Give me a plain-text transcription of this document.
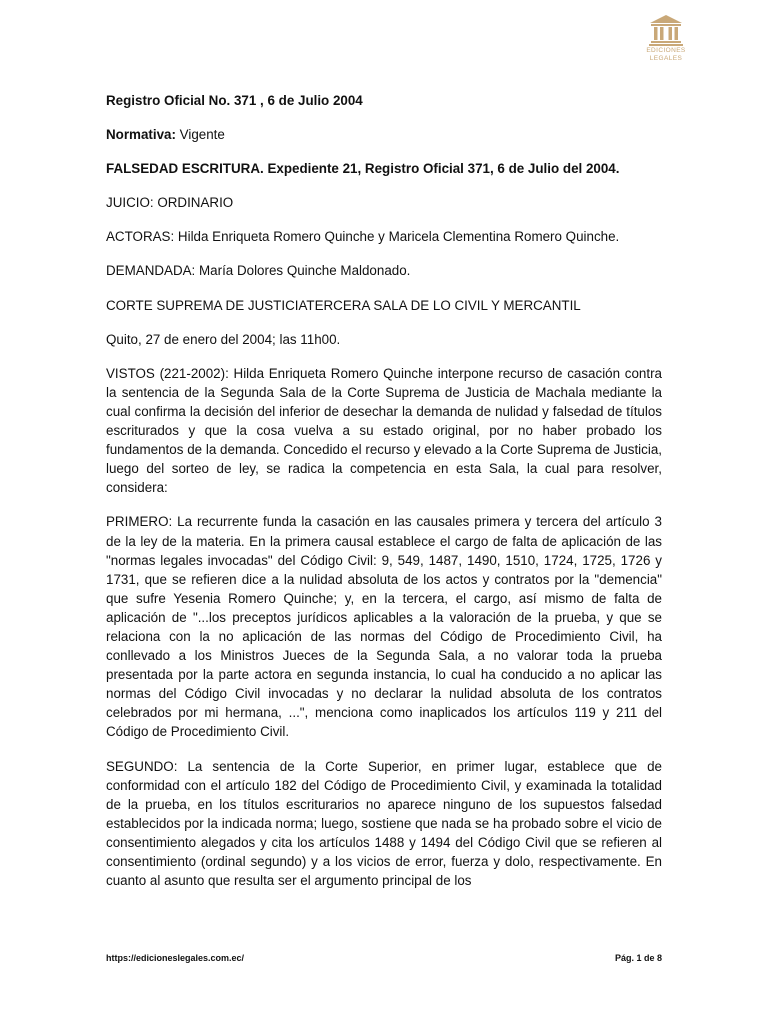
EDICIONES
LEGALES

Registro Oficial No. 371 , 6 de Julio 2004

Normativa: Vigente

FALSEDAD ESCRITURA. Expediente 21, Registro Oficial 371, 6 de Julio del 2004.

JUICIO: ORDINARIO

ACTORAS: Hilda Enriqueta Romero Quinche y Maricela Clementina Romero Quinche.

DEMANDADA: María Dolores Quinche Maldonado.

CORTE SUPREMA DE JUSTICIATERCERA SALA DE LO CIVIL Y MERCANTIL

Quito, 27 de enero del 2004; las 11h00.

VISTOS (221-2002): Hilda Enriqueta Romero Quinche interpone recurso de casación contra la sentencia de la Segunda Sala de la Corte Suprema de Justicia de Machala mediante la cual confirma la decisión del inferior de desechar la demanda de nulidad y falsedad de títulos escriturados y que la cosa vuelva a su estado original, por no haber probado los fundamentos de la demanda. Concedido el recurso y elevado a la Corte Suprema de Justicia, luego del sorteo de ley, se radica la competencia en esta Sala, la cual para resolver, considera:

PRIMERO: La recurrente funda la casación en las causales primera y tercera del artículo 3 de la ley de la materia. En la primera causal establece el cargo de falta de aplicación de las "normas legales invocadas" del Código Civil: 9, 549, 1487, 1490, 1510, 1724, 1725, 1726 y 1731, que se refieren dice a la nulidad absoluta de los actos y contratos por la "demencia" que sufre Yesenia Romero Quinche; y, en la tercera, el cargo, así mismo de falta de aplicación de "...los preceptos jurídicos aplicables a la valoración de la prueba, y que se relaciona con la no aplicación de las normas del Código de Procedimiento Civil, ha conllevado a los Ministros Jueces de la Segunda Sala, a no valorar toda la prueba presentada por la parte actora en segunda instancia, lo cual ha conducido a no aplicar las normas del Código Civil invocadas y no declarar la nulidad absoluta de los contratos celebrados por mi hermana, ...", menciona como inaplicados los artículos 119 y 211 del Código de Procedimiento Civil.

SEGUNDO: La sentencia de la Corte Superior, en primer lugar, establece que de conformidad con el artículo 182 del Código de Procedimiento Civil, y examinada la totalidad de la prueba, en los títulos escriturarios no aparece ninguno de los supuestos falsedad establecidos por la indicada norma; luego, sostiene que nada se ha probado sobre el vicio de consentimiento alegados y cita los artículos 1488 y 1494 del Código Civil que se refieren al consentimiento (ordinal segundo) y a los vicios de error, fuerza y dolo, respectivamente. En cuanto al asunto que resulta ser el argumento principal de los

https://edicioneslegales.com.ec/	Pág. 1 de 8
